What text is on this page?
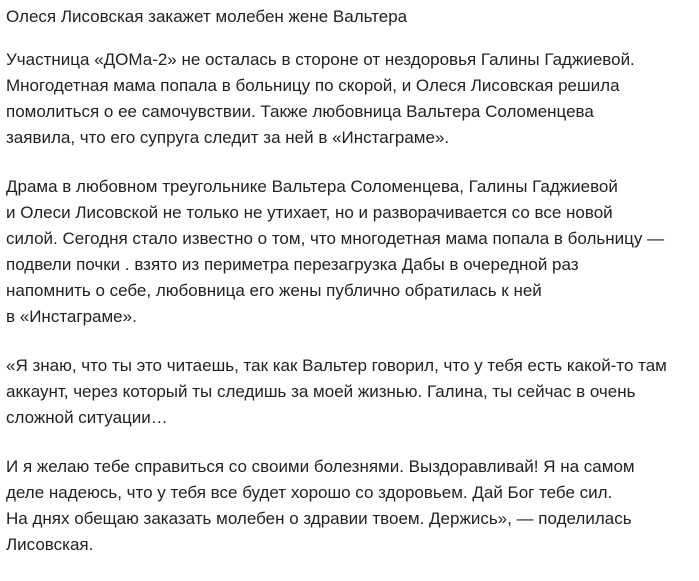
Олеся Лисовская закажет молебен жене Вальтера

Участница «ДОМа-2» не осталась в стороне от нездоровья Галины Гаджиевой.
Многодетная мама попала в больницу по скорой, и Олеся Лисовская решила
помолиться о ее самочувствии. Также любовница Вальтера Соломенцева
заявила, что его супруга следит за ней в «Инстаграме».

Драма в любовном треугольнике Вальтера Соломенцева, Галины Гаджиевой
и Олеси Лисовской не только не утихает, но и разворачивается со все новой
силой. Сегодня стало известно о том, что многодетная мама попала в больницу —
подвели почки . взято из периметра перезагрузка Дабы в очередной раз
напомнить о себе, любовница его жены публично обратилась к ней
в «Инстаграме».

«Я знаю, что ты это читаешь, так как Вальтер говорил, что у тебя есть какой-то там
аккаунт, через который ты следишь за моей жизнью. Галина, ты сейчас в очень
сложной ситуации…

И я желаю тебе справиться со своими болезнями. Выздоравливай! Я на самом
деле надеюсь, что у тебя все будет хорошо со здоровьем. Дай Бог тебе сил.
На днях обещаю заказать молебен о здравии твоем. Держись», — поделилась
Лисовская.
